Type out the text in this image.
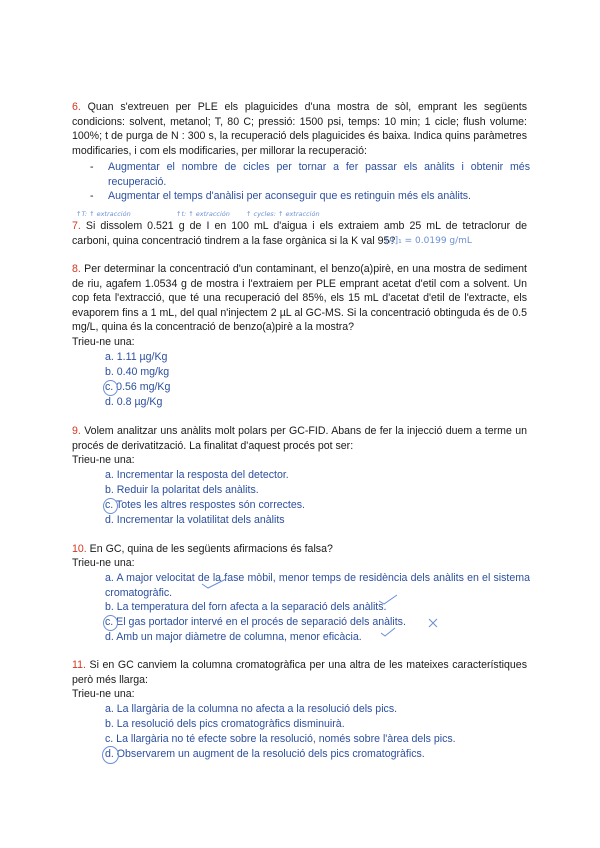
6. Quan s'extreuen per PLE els plaguicides d'una mostra de sòl, emprant les següents condicions: solvent, metanol; T, 80 C; pressió: 1500 psi, temps: 10 min; 1 cicle; flush volume: 100%; t de purga de N : 300 s, la recuperació dels plaguicides és baixa. Indica quins paràmetres modificaries, i com els modificaries, per millorar la recuperació:
- Augmentar el nombre de cicles per tornar a fer passar els anàlits i obtenir més recuperació.
- Augmentar el temps d'anàlisi per aconseguir que es retinguin més els anàlits.
↑T: ↑ extracción	↑t: ↑ extracción ↑ cycles: ↑ extracción
7. Si dissolem 0.521 g de I en 100 mL d'aigua i els extraiem amb 25 mL de tetraclorur de carboni, quina concentració tindrem a la fase orgànica si la K val 95?
[A]₁ = 0.0199 g/mL
8. Per determinar la concentració d'un contaminant, el benzo(a)pirè, en una mostra de sediment de riu, agafem 1.0534 g de mostra i l'extraiem per PLE emprant acetat d'etil com a solvent. Un cop feta l'extracció, que té una recuperació del 85%, els 15 mL d'acetat d'etil de l'extracte, els evaporem fins a 1 mL, del qual n'injectem 2 µL al GC-MS. Si la concentració obtinguda és de 0.5 mg/L, quina és la concentració de benzo(a)pirè a la mostra?
Trieu-ne una:
a. 1.11 µg/Kg
b. 0.40 mg/kg
c. 0.56 mg/Kg
d. 0.8 µg/Kg
9. Volem analitzar uns anàlits molt polars per GC-FID. Abans de fer la injecció duem a terme un procés de derivatització. La finalitat d'aquest procés pot ser:
Trieu-ne una:
a. Incrementar la resposta del detector.
b. Reduir la polaritat dels anàlits.
c. Totes les altres respostes són correctes.
d. Incrementar la volatilitat dels anàlits
10. En GC, quina de les següents afirmacions és falsa?
Trieu-ne una:
a. A major velocitat de la fase mòbil, menor temps de residència dels anàlits en el sistema cromatogràfic.
b. La temperatura del forn afecta a la separació dels anàlits.
c. El gas portador intervé en el procés de separació dels anàlits.
d. Amb un major diàmetre de columna, menor eficàcia.
11. Si en GC canviem la columna cromatogràfica per una altra de les mateixes característiques però més llarga:
Trieu-ne una:
a. La llargària de la columna no afecta a la resolució dels pics.
b. La resolució dels pics cromatogràfics disminuirà.
c. La llargària no té efecte sobre la resolució, només sobre l'àrea dels pics.
d. Observarem un augment de la resolució dels pics cromatogràfics.
